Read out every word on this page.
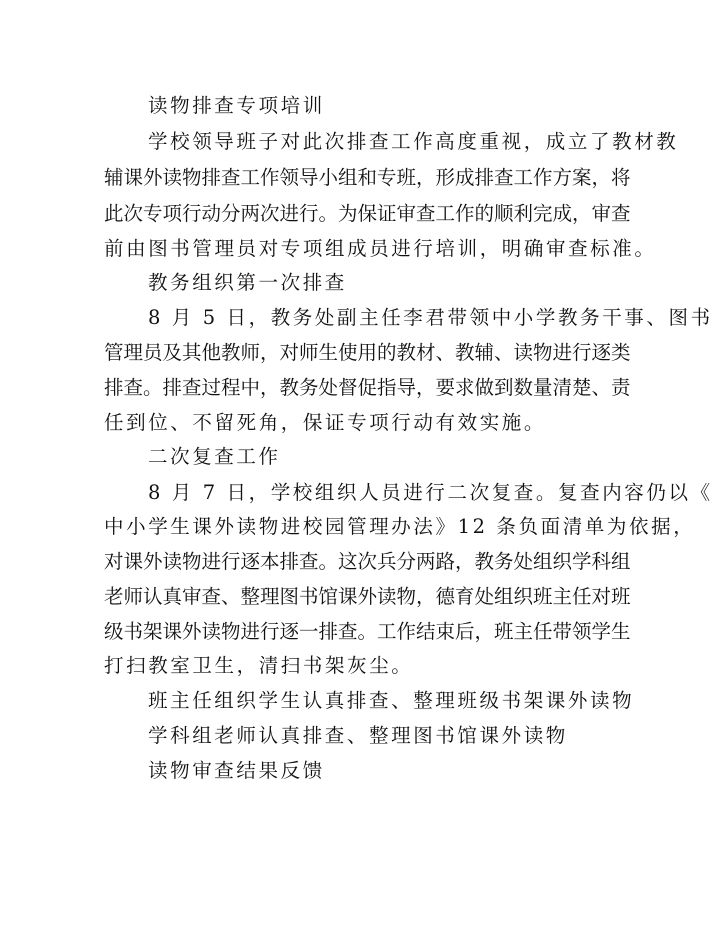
读物排查专项培训
学校领导班子对此次排查工作高度重视，成立了教材教
辅课外读物排查工作领导小组和专班，形成排查工作方案，将
此次专项行动分两次进行。为保证审查工作的顺利完成，审查
前由图书管理员对专项组成员进行培训，明确审查标准。
教务组织第一次排查
8 月 5 日，教务处副主任李君带领中小学教务干事、图书
管理员及其他教师，对师生使用的教材、教辅、读物进行逐类
排查。排查过程中，教务处督促指导，要求做到数量清楚、责
任到位、不留死角，保证专项行动有效实施。
二次复查工作
8 月 7 日，学校组织人员进行二次复查。复查内容仍以《
中小学生课外读物进校园管理办法》12 条负面清单为依据，
对课外读物进行逐本排查。这次兵分两路，教务处组织学科组
老师认真审查、整理图书馆课外读物，德育处组织班主任对班
级书架课外读物进行逐一排查。工作结束后，班主任带领学生
打扫教室卫生，清扫书架灰尘。
班主任组织学生认真排查、整理班级书架课外读物
学科组老师认真排查、整理图书馆课外读物
读物审查结果反馈
